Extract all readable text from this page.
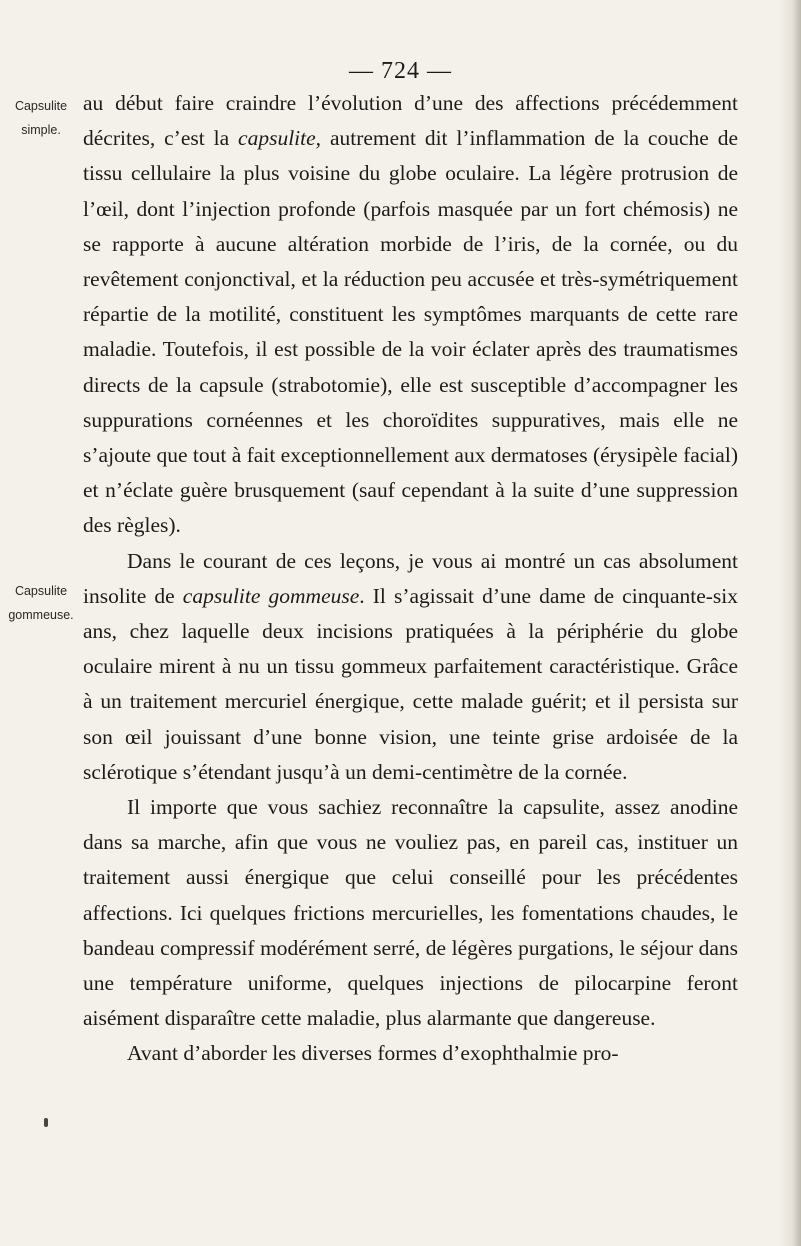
— 724 —
Capsulite
simple.
Capsulite
gommeuse.

au début faire craindre l’évolution d’une des affections précédemment décrites, c’est la capsulite, autrement dit l’inflammation de la couche de tissu cellulaire la plus voisine du globe oculaire. La légère protrusion de l’œil, dont l’injection profonde (parfois masquée par un fort chémosis) ne se rapporte à aucune altération morbide de l’iris, de la cornée, ou du revêtement conjonctival, et la réduction peu accusée et très-symétriquement répartie de la motilité, constituent les symptômes marquants de cette rare maladie. Toutefois, il est possible de la voir éclater après des traumatismes directs de la capsule (strabotomie), elle est susceptible d’accompagner les suppurations cornéennes et les choroïdites suppuratives, mais elle ne s’ajoute que tout à fait exceptionnellement aux dermatoses (érysipèle facial) et n’éclate guère brusquement (sauf cependant à la suite d’une suppression des règles).

Dans le courant de ces leçons, je vous ai montré un cas absolument insolite de capsulite gommeuse. Il s’agissait d’une dame de cinquante-six ans, chez laquelle deux incisions pratiquées à la périphérie du globe oculaire mirent à nu un tissu gommeux parfaitement caractéristique. Grâce à un traitement mercuriel énergique, cette malade guérit; et il persista sur son œil jouissant d’une bonne vision, une teinte grise ardoisée de la sclérotique s’étendant jusqu’à un demi-centimètre de la cornée.

Il importe que vous sachiez reconnaître la capsulite, assez anodine dans sa marche, afin que vous ne vouliez pas, en pareil cas, instituer un traitement aussi énergique que celui conseillé pour les précédentes affections. Ici quelques frictions mercurielles, les fomentations chaudes, le bandeau compressif modérément serré, de légères purgations, le séjour dans une température uniforme, quelques injections de pilocarpine feront aisément disparaître cette maladie, plus alarmante que dangereuse.

Avant d’aborder les diverses formes d’exophthalmie pro-
